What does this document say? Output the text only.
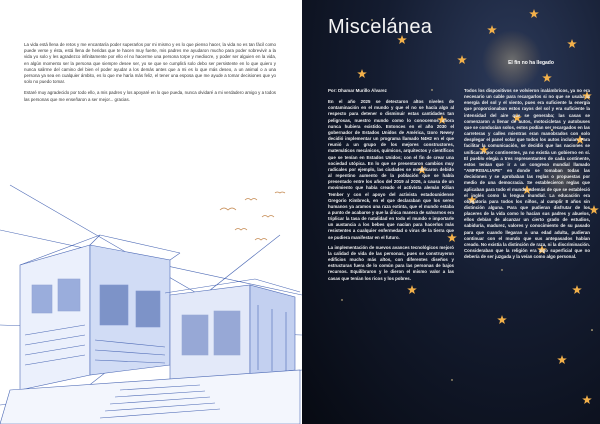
La vida está llena de retos y me encantaría poder superarlos por mi mismo y es lo que pienso hacer, la vida no es tan fácil como puede verse y ésta, está llena de heridas que te hacen muy fuerte, mis padres me ayudaron mucho para poder sobrevivir a la vida yo solo y les agradezco infinitamente por ello el no hacerme una persona torpe y mediocre, y poder ser alguien en la vida, en algún momento ser la persona que siempre desee ser, yo se que se cumplirá solo debo ser persistente en lo que quiero y nunca salirme del camino del bien el poder ayudar a los demás antes que a mi es lo que más deseo, a un animal o a una persona ya sea en cualquier ámbito, es lo que me haría más feliz, el tener una esposa que me ayude a tomar decisiones que yo solo no puedo tomar.

Estaré muy agradecido por todo ello, a mis padres y los apoyaré en lo que pueda, nunca olvidaré a mi verdadero amigo y a todos las personas que me enseñaron a ser mejor... gracias.

Miscelánea
El fin no ha llegado
Por: Dhamar Murillo Álvarez

En el año 2025 se detectaron altos niveles de contaminación en el mundo y que el no se hacía algo al respecto para detener o disminuir estas cantidades tan peligrosas, nuestro mundo como lo conocemos ahora nunca hubiera existido. Entonces en el año 2030 el gobernador de Estados Unidos de América, Izoro Newey decidió implementar un programa llamado N4H2 en el que reunió a un grupo de los mejores constructores, matemáticos mecánicos, químicos, arquitectos y científicos que se tenían en Estados Unidos; con el fin de crear una sociedad utópica. En lo que se presentaron cambios muy radicales por ejemplo, las ciudades se modificaron debido al repentino aumento de la población que se había presentado entre los años del 2019 al 2026, a causa de un movimiento que había creado el activista alemán Kilian Tember y con el apoyo del activista estadounidense Gregorio Kimbreck, en el que declaraban que los seres humanos ya aramos una raza extinta, que el mundo estaba a punto de acabarse y que la única manera de salvarnos era triplicar la tasa de natalidad en todo el mundo e importarle un austancia a los bebes que nacían para hacerlos más resistentes a cualquier enfermedad o virus de la tierra que se pudiera manifestar en el futuro.

La implementación de nuevos avances tecnológicos mejoró la calidad de vida de las personas, pues se construyeron edificios mucho más altos, con diferentes diseños y estructuras fuera de lo común para las personas de bajos recursos. Equilibraron y le dieron el mismo valor a las casas que tenían los ricos y los pobres.

Todos los dispositivos se volvieron inalámbricos, ya no era necesario un cable para recargarlos si no que se usaba la energía del sol y el viento, pues era suficiente la energía que proporcionaban estos rayos del sol y era suficiente la intensidad del aire que se generaba; las casas se comenzaron a llenar de autos, motocicletas y autobuses que se conducían solos, estos podían ser recargados en las carreteras y calles mientras eran manobrados con solo desplegar el panel solar que todos los autos incluían. Para facilitar la comunicación, se decidió que las naciones se unificaran por continentes, ya no existía un gobierno en sí. El pueblo elegía a tres representantes de cada continente, estos tenían que ir a un congreso mundial llamado "AMFRISIALIAPE" en donde se tomaban todas las decisiones y se aprobaban las reglas o propuestas por medio de una democracia. Se establecieron reglas que aplicaban para todo el mundo, además de que se estableció el inglés como la lengua mundial. La educación era obligatoria para todos los niños, al cumplir 8 años sin distinción alguna. Para que pudieran disfrutar de los placeres de la vida como lo hacían sus padres y abuelos, ellos debían de alcanzar un cierto grado de estudios, sabiduría, madurez, valores y conocimiento de su pasado para que cuando llegaran a una edad adulta, pudieran continuar con el mundo que sus antepasados habían creado. No existía la distinción de raza, ni la discriminación. Consideraban que la religión era algo superficial que no debería de ser juzgada y la veían como algo personal.
